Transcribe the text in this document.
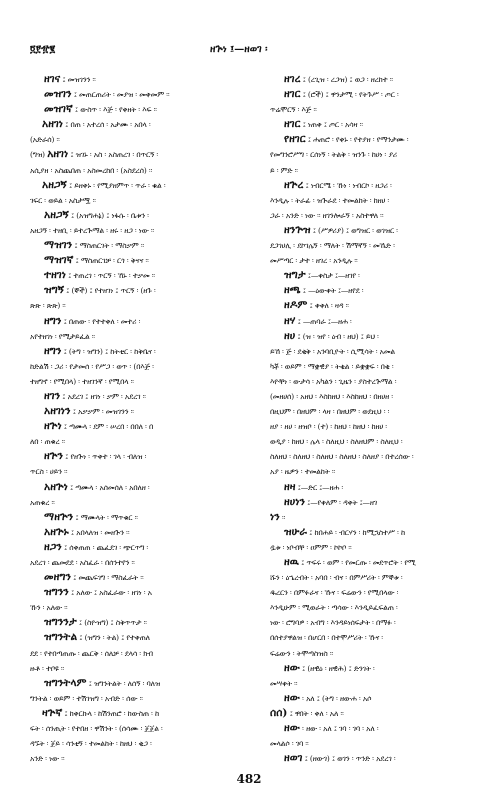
፬፻፹፪	ዘጕነ ፤—ዘወገ ፡
ዘገና ፤ መዝገንን ፡፡
መዝገን ፤ መጠርጠሪት ፡ መያዝ ፡ መቀመም ፡፡
መዝገኛ ፤ ውስጥ ፡ እጅ ፡ የቀዘት ፡ እፍ ፡፡
አዘገነ ፤ በጠ ፡ አተረሰ ፡ አታሙ ፡ አበላ ፡
(አድራሰ) ፡፡
(ግዝ) አዘገነ ፤ ዝገኑ ፡ አስ ፡ አስጠረገ ፡ በጥርኝ ፡
አሲያዘ ፡ አስጨበጠ ፡ አስመረከበ ፡ (አስደረሰ) ፡፡
አዘጋኝ ፤ ይዘቀኑ ፡ የሚያዘምጥ ፡ ጥራ ፡ ቁል ፡
ገፍር ፡ ወይል ፡ አስታሟ ፡፡
አዘጋኝ ፤ (አዝግሐኔ) ፤ ነፋሱ ፡ ቤቱን ፡
አዘጋኝ ፡ ተዘቢ ፡ ይተረጕማል ፡ ዘሩ ፡ ዘጋ ፡ ነው ፡፡
ማዝገን ፤ ማስጠርገት ፡ ማስቃም ፡፡
ማዝገኛ ፤ ማስጠርገቻ ፡ ርጎ ፡ ቅናና ፡፡
ተዘገነ ፤ ተጠረገ ፡ ጥርኝ ፡ ኸኑ ፡ ተቃመ ፡፡
ዝግኝ ፤ (ኞች) ፤ የተዘገነ ፤ ጥርኝ ፡ (ዘጉ ፡
ጽጽ ፡ ጽጽ) ፡፡
ዘግን ፤ በጠው ፡ የተተቀለ ፡ መተሪ ፡
አየተዘገነ ፡ የሚታይፈል ፡፡
ዘግን ፤ (ትግ ፡ ዝግን) ፤ ከትቲር ፡ ከቅቤና ፡
ከድልሽ ፡ ጋሪ ፡ የታመሰ ፡ የሥጋ ፡ ወጥ ፡ (በእጅ ፡
ተዘግኖ ፡ የሚበላ) ፡ ተዘገንኛ ፡ የሚበላ ፡፡
ዘገን ፤ አደረገ ፤ ዘገነ ፡ ቃም ፡ አደረገ ፡፡
አዘገነን ፤ አቃቃም ፡ መዝገንን ፡፡
ዘጕነ ፤ ጣሙላ ፡ ደም ፡ ሠረበ ፡ በበለ ፡ በ
ለበ ፡ ጠቁረ ፡፡
ዘጕን ፤ የዘጕነ ፡ ጥቀተ ፡ ገላ ፡ ብለዝ ፡
ጥርስ ፡ ሀይን ፡፡
አዘጕነ ፤ ጣሙላ ፡ አሰመሰለ ፡ አበለዘ ፡
አጠቁረ ፡፡
ማዘጕን ፤ ማሙላት ፡ ማጥቁር ፡፡
አዘጕኑ ፤ አበላለዝ ፡ መዘጕን ፡፡
ዘጋን ፤ ሰቀጠጠ ፡ ጨፈደገ ፡ ጭርጥግ ፡
አደረገ ፡ ጨመደደ ፡ አስፈራ ፡ በሰንተየን ፡፡
መዘግን ፤ መጨፍገግ ፡ ማስፈራት ፡፡
ዝግንን ፤ አለው ፤ አስፈራው ፡ ዘገነ ፡ አ
ኹን ፡ አለው ፡፡
ዝግንንታ ፤ (ስዮዝግ) ፤ ስቅጥጥታ ፡፡
ዝግንትል ፤ (ዝግን ፡ ትል) ፤ የተቀጠለ
ደደ ፡ የተበጣጠጡ ፡ ጨርቅ ፡ ሰለቻ ፡ ደላሳ ፡ ክብ
ዙቶ ፡ ተቦዩ ፡፡
ዝግንትላም ፤ ዝግንትልት ፡ ለሰኝ ፡ ባለዝ
ግንትል ፡ ወይም ፡ ተሽገዝግ ፡ አብድ ፡ ሰው ፡፡
ዛጕኛ ፤ ከቀርኩላ ፡ ከሽንጠሮ ፡ ከውስጠ ፡ ከ
ፍት ፡ ሰንጢት ፡ የተበዘ ፡ ዋሽንት ፡ (ሰሳሙ ፡ ጀጀል ፡
ዳኙት ፡ ጀይ ፡ ሳንቲኝ ፡ ተመልከት ፡ ከዘህ ፡ ቂጋ ፡
አንድ ፡ ነው ፡፡
ዘገረ ፤ (ረጊዝ ፡ ረጋዝ) ፤ ወጋ ፡ ዘረከተ ፡፡
ዘገር ፤ (ሮች) ፤ ዋንታሚ ፡ የትጉሥ ፡ ጦር ፡
ጥሬሞርኝ ፡ እጅ ፡፡
ዘገር ፤ ነጠቀ ፤ ጦር ፡ አሳዛ ፡፡
የዘገር ፤ ሐጠሮ ፡ የቀኑ ፡ የተያዘ ፡ የማንታሙ ፡
የመግንሮሥግ ፡ ርሰነኝ ፡ ትልቅ ፡ ዝንጉ ፡ ከሀነ ፡ ያሪ
ይ ፡ ምድ ፡፡
ዘጕረ ፤ ነብርሜ ፡ ኹነ ፡ ነብርኮ ፡ ዘጋሪ ፡
እንዲሉ ፡ ትራፊ ፡ ዝጕራደ ፡ ተመልከት ፡ ከዘሀ ፡
ጋራ ፡ አንድ ፡ ነው ፡፡ ዘገንሎራኝ ፡ አስተዋለ ፡፡
ዘንጕዝ ፤ (ሥዎሪያ) ፤ ወግዝር ፡ ወገዝር ፡
ደጋገሀሊ ፡ ደኮገሌኝ ፡ ማለት ፡ ሽማኛኝ ፡ መኼድ ፡
መሥጣር ፡ ታተ ፡ ዘገረ ፡ አንዲሉ ፡፡
ዝግታ ፤—ቀስታ ፤—ዘገየ ፡
ዘጫ ፤ —ዕውቀት ፤—ዘየደ ፡
ዘዶም ፤ ቀቀለ ፡ ዛዳ ፡፡
ዘሃ ፤ —ጠባራ ፤—ዘሐ ፡
ዘሀ ፤ (ዝ ፡ ዝየ ፡ ዕብ ፡ ዘህ) ፤ ይህ ፡
ይኸ ፡ ጅ ፡ ደቂቅ ፡ አንባቢዮት ፡ ሲሚሳት ፡ አመል
ካቾ ፡ ወይም ፡ ማቋዊያ ፡ ትቂል ፡ ይቋቋፍ ፡ በቂ ፡
እዮቸነ ፡ ውታሳ ፡ አካልን ፡ ጊዜን ፡ ያስተረጕማል ፡
(መዘሀሰ) ፡ አዘህ ፡ እስከዘህ ፡ እስከዘህ ፡ በዘሀዘ ፡
በዚህም ፡ በዘህም ፡ ላዛ ፡ በዘህም ፡ ወደዚህ ፡ ፡
ዘያ ፡ ዘሀ ፡ ዘዝቦ ፡ (ተ) ፡ ከዘህ ፡ ከዘህ ፡ ከዘሀ ፡
ወዲያ ፡ ከዘህ ፡ ሌላ ፡ ስለዚህ ፡ ስለዘህም ፡ ስለዚህ ፡
ስለዘህ ፡ ስለዘህ ፡ ስለዘህ ፡ ስለዘህ ፡ ስለዘያ ፡ በተረሰው ፡
አያ ፡ ዜዎን ፡ ተመልከት ፡፡
ዘዛ ፤—ድር ፤—ዘሐ ፡
ዘሀነን ፤—የቀለም ፡ ዳቀት ፤—ዘገ
ነን ፡፡
ዝሁራ ፤ ከበሐይ ፡ ብርሃን ፡ ከሚኋስተሥ ፡ ከ
ዷቱ ፡ ነቦብቸ ፡ ዐምም ፡ ኮኮቦ ፡፡
ዘዉ ፤ ጥፍሩ ፡ ወም ፡ የመርጡ ፡ መደጥሮት ፡ የሚ
ሹን ፡ ዕኄረብት ፡ አባበ ፡ ብና ፡ በምሥሪት ፡ ምኞቱ ፡
ዱረርን ፡ በምፉራና ፡ ኹና ፡ ፍሬውን ፡ የሚበላው ፡
እንዲሁም ፡ ሚወራት ፡ ጣሳው ፡ እንዲይፈፍልጠ ፡
ነው ፡ ሮግባዎ ፡ አብግ ፡ እንዳይነሰፍታት ፡ በማፉ ፡
በሰተያዋልዝ ፡ በሆርበ ፡ በተሞሥሪት ፡ ኹና ፡
ፍሬውን ፡ ትሞጣስዝስ ፡፡
ዘው ፤ (ዘዊዕ ፡ ዘዊሕ) ፤ ድንገት ፡
መሣቀት ፡፡
ዘው ፡ አለ ፤ (ትግ ፡ ዘውሐ ፡ አሶ
ሰሰ) ፤ ዋበት ፡ ቀለ ፡ አለ ፡፡
ዘው ፡ ዘው ፡ አለ ፤ ገባ ፡ ገባ ፡ አለ ፡
መላልሶ ፡ ገባ ፡፡
ዘወገ ፤ (ዘውገ) ፤ ወገን ፡ ጥንድ ፡ አደረገ ፡
482
